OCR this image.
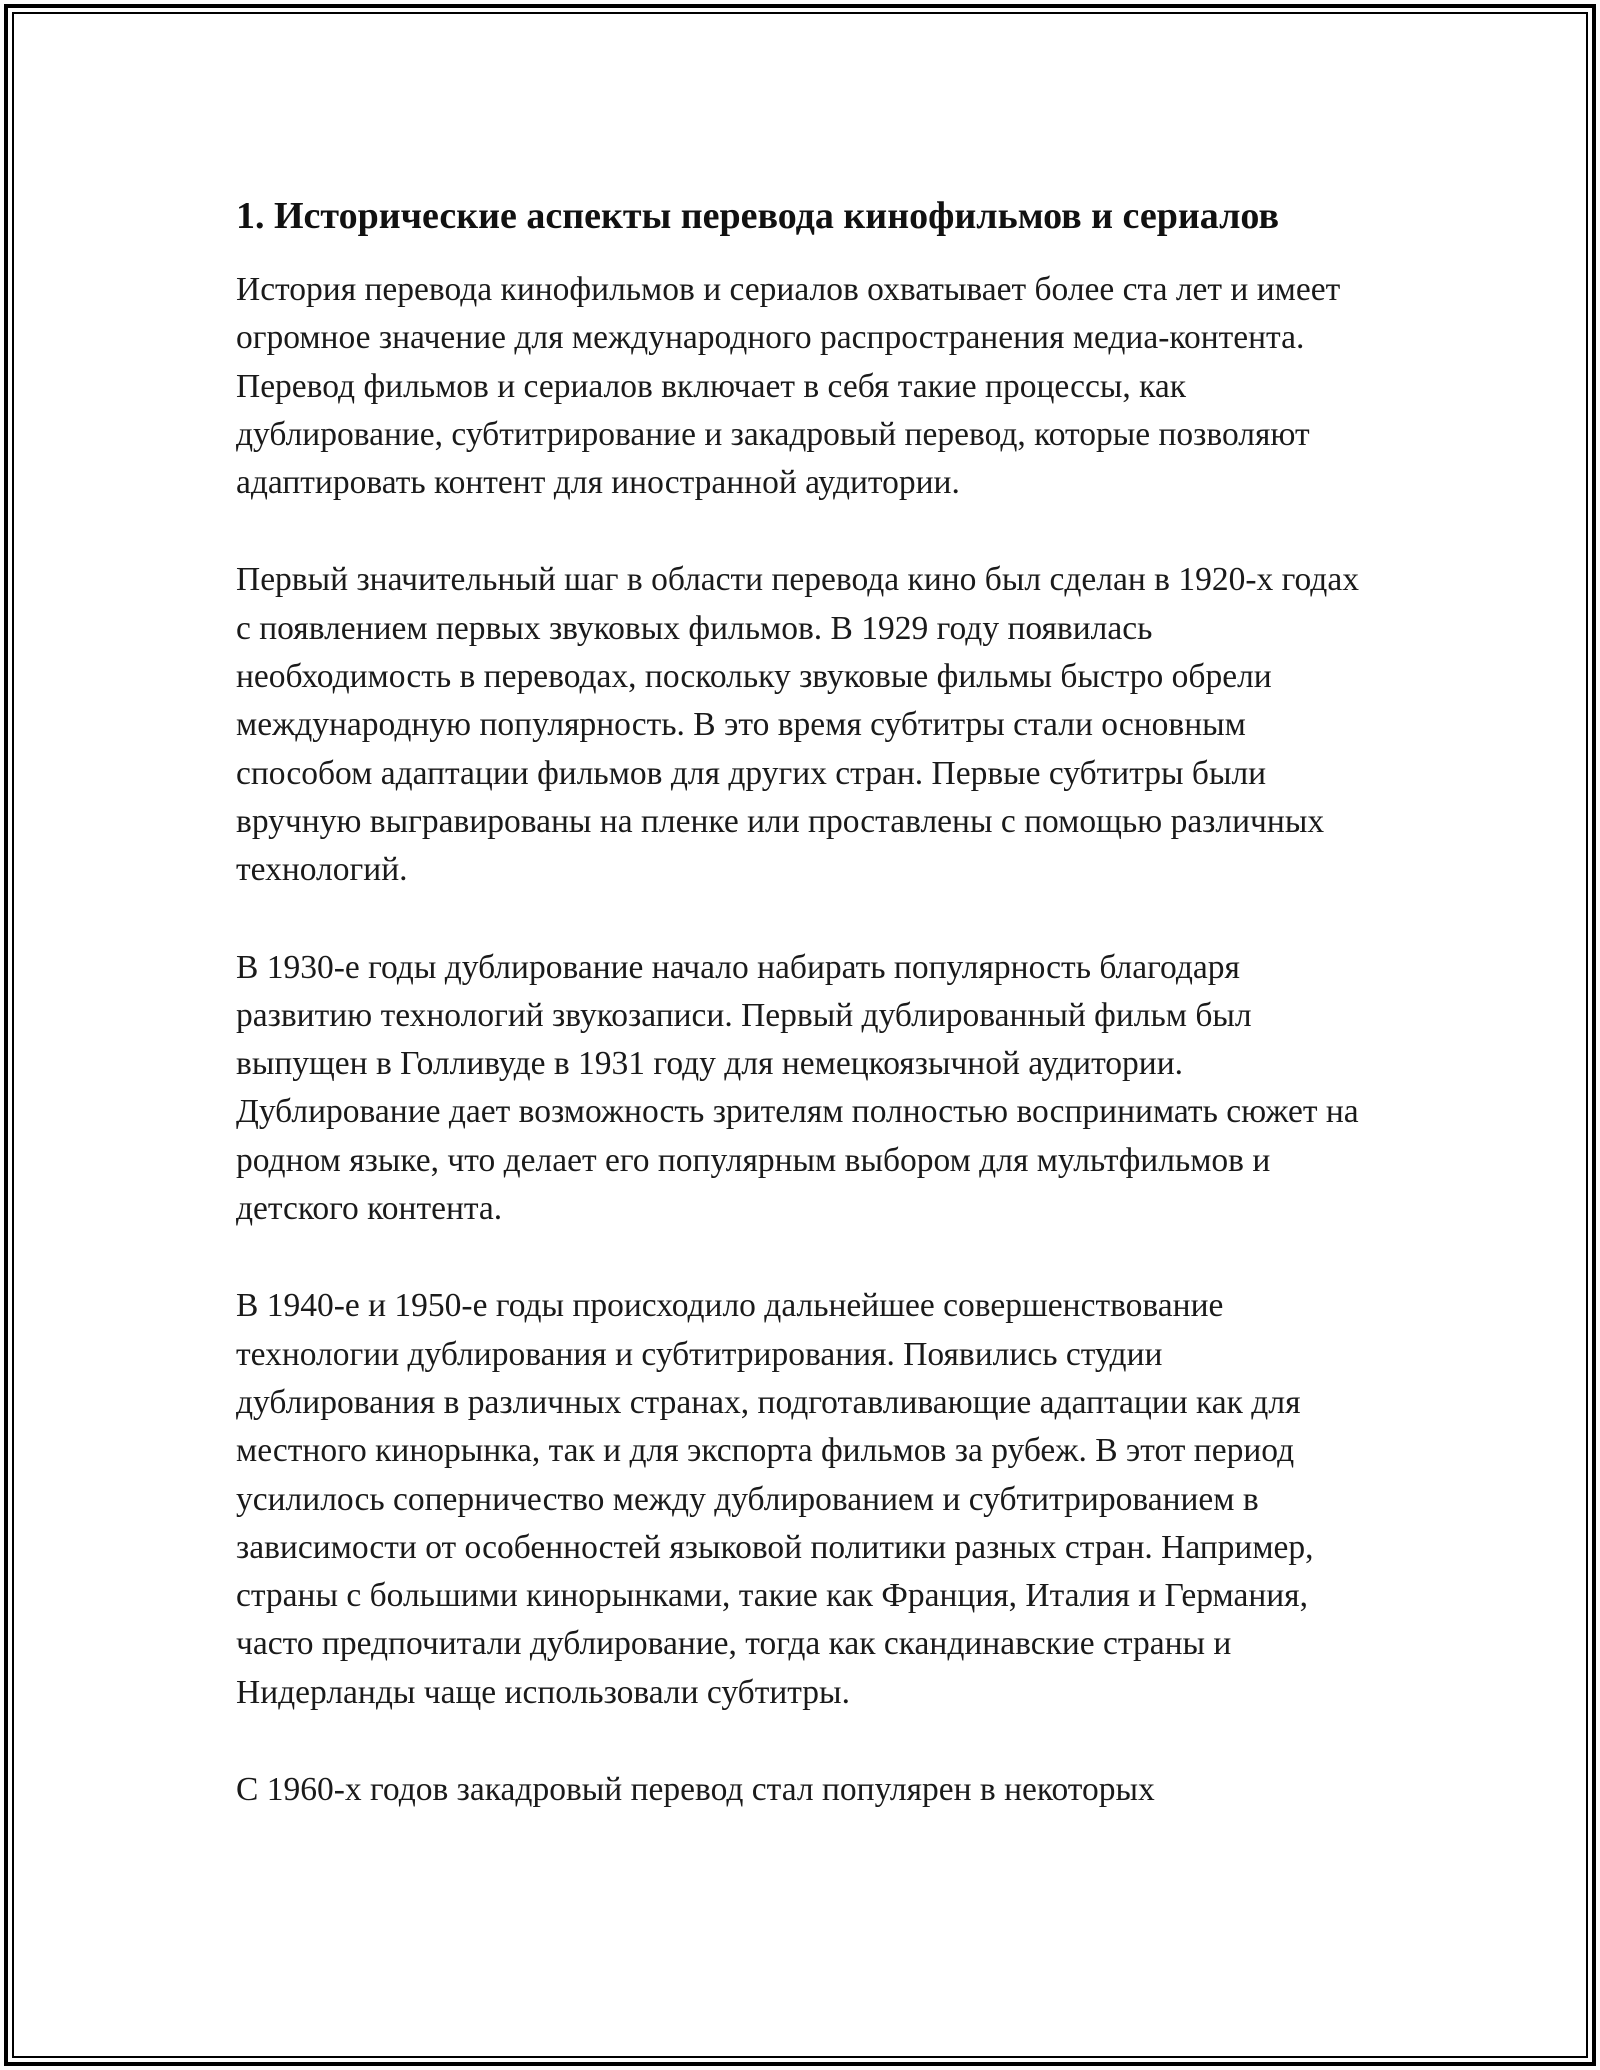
1. Исторические аспекты перевода кинофильмов и сериалов

История перевода кинофильмов и сериалов охватывает более ста лет и имеет огромное значение для международного распространения медиа-контента. Перевод фильмов и сериалов включает в себя такие процессы, как дублирование, субтитрирование и закадровый перевод, которые позволяют адаптировать контент для иностранной аудитории.

Первый значительный шаг в области перевода кино был сделан в 1920-х годах с появлением первых звуковых фильмов. В 1929 году появилась необходимость в переводах, поскольку звуковые фильмы быстро обрели международную популярность. В это время субтитры стали основным способом адаптации фильмов для других стран. Первые субтитры были вручную выгравированы на пленке или проставлены с помощью различных технологий.

В 1930-е годы дублирование начало набирать популярность благодаря развитию технологий звукозаписи. Первый дублированный фильм был выпущен в Голливуде в 1931 году для немецкоязычной аудитории. Дублирование дает возможность зрителям полностью воспринимать сюжет на родном языке, что делает его популярным выбором для мультфильмов и детского контента.

В 1940-е и 1950-е годы происходило дальнейшее совершенствование технологии дублирования и субтитрирования. Появились студии дублирования в различных странах, подготавливающие адаптации как для местного кинорынка, так и для экспорта фильмов за рубеж. В этот период усилилось соперничество между дублированием и субтитрированием в зависимости от особенностей языковой политики разных стран. Например, страны с большими кинорынками, такие как Франция, Италия и Германия, часто предпочитали дублирование, тогда как скандинавские страны и Нидерланды чаще использовали субтитры.

С 1960-х годов закадровый перевод стал популярен в некоторых
